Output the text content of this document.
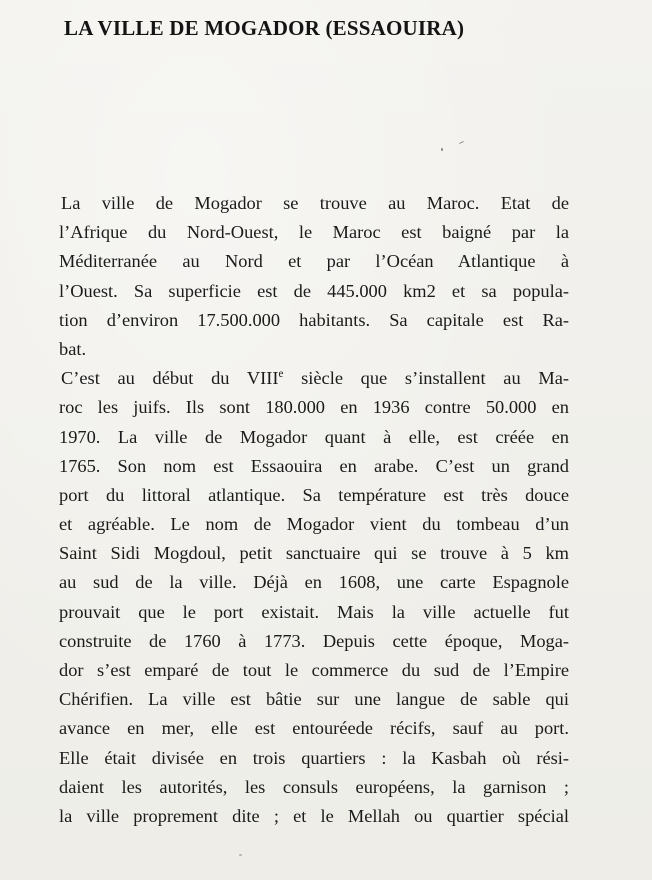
LA VILLE DE MOGADOR (ESSAOUIRA)
La ville de Mogador se trouve au Maroc. Etat de
l’Afrique du Nord-Ouest, le Maroc est baigné par la
Méditerranée au Nord et par l’Océan Atlantique à
l’Ouest. Sa superficie est de 445.000 km2 et sa popula-
tion d’environ 17.500.000 habitants. Sa capitale est Ra-
bat.
C’est au début du VIIIe siècle que s’installent au Ma-
roc les juifs. Ils sont 180.000 en 1936 contre 50.000 en
1970. La ville de Mogador quant à elle, est créée en
1765. Son nom est Essaouira en arabe. C’est un grand
port du littoral atlantique. Sa température est très douce
et agréable. Le nom de Mogador vient du tombeau d’un
Saint Sidi Mogdoul, petit sanctuaire qui se trouve à 5 km
au sud de la ville. Déjà en 1608, une carte Espagnole
prouvait que le port existait. Mais la ville actuelle fut
construite de 1760 à 1773. Depuis cette époque, Moga-
dor s’est emparé de tout le commerce du sud de l’Empire
Chérifien. La ville est bâtie sur une langue de sable qui
avance en mer, elle est entouréede récifs, sauf au port.
Elle était divisée en trois quartiers : la Kasbah où rési-
daient les autorités, les consuls européens, la garnison ;
la ville proprement dite ; et le Mellah ou quartier spécial
